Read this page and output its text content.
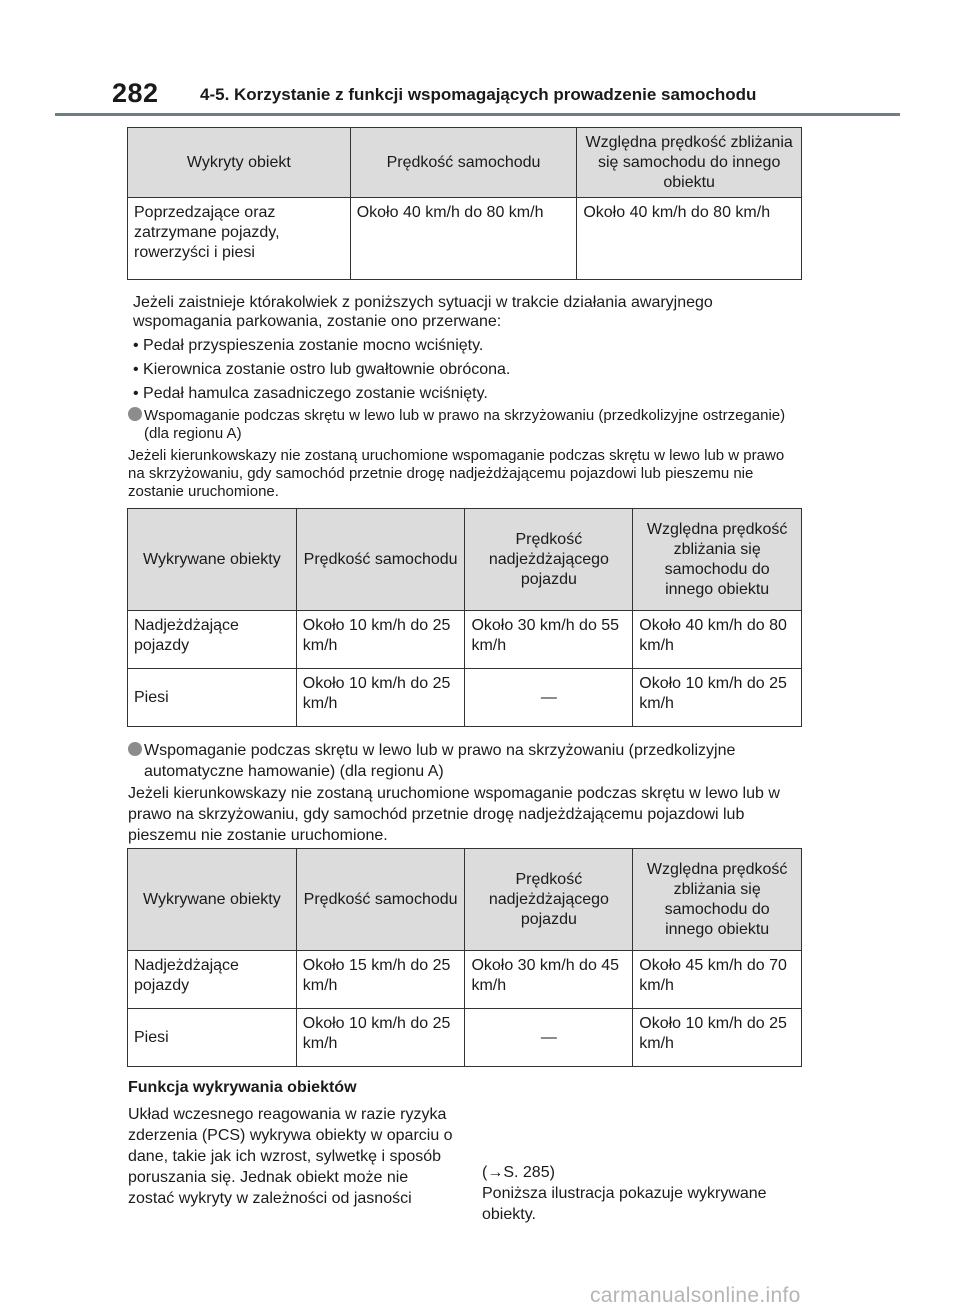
282 4-5. Korzystanie z funkcji wspomagających prowadzenie samochodu
Wykryty obiekt	Prędkość samochodu	Względna prędkość zbliżania się samochodu do innego obiektu
Poprzedzające oraz zatrzymane pojazdy, rowerzyści i piesi	Około 40 km/h do 80 km/h	Około 40 km/h do 80 km/h
Jeżeli zaistnieje którakolwiek z poniższych sytuacji w trakcie działania awaryjnego wspomagania parkowania, zostanie ono przerwane:
• Pedał przyspieszenia zostanie mocno wciśnięty.
• Kierownica zostanie ostro lub gwałtownie obrócona.
• Pedał hamulca zasadniczego zostanie wciśnięty.
Wspomaganie podczas skrętu w lewo lub w prawo na skrzyżowaniu (przedkolizyjne ostrzeganie) (dla regionu A)
Jeżeli kierunkowskazy nie zostaną uruchomione wspomaganie podczas skrętu w lewo lub w prawo na skrzyżowaniu, gdy samochód przetnie drogę nadjeżdżającemu pojazdowi lub pieszemu nie zostanie uruchomione.
Wykrywane obiekty	Prędkość samochodu	Prędkość nadjeżdżającego pojazdu	Względna prędkość zbliżania się samochodu do innego obiektu
Nadjeżdżające pojazdy	Około 10 km/h do 25 km/h	Około 30 km/h do 55 km/h	Około 40 km/h do 80 km/h
Piesi	Około 10 km/h do 25 km/h	—	Około 10 km/h do 25 km/h
Wspomaganie podczas skrętu w lewo lub w prawo na skrzyżowaniu (przedkolizyjne automatyczne hamowanie) (dla regionu A)
Jeżeli kierunkowskazy nie zostaną uruchomione wspomaganie podczas skrętu w lewo lub w prawo na skrzyżowaniu, gdy samochód przetnie drogę nadjeżdżającemu pojazdowi lub pieszemu nie zostanie uruchomione.
Wykrywane obiekty	Prędkość samochodu	Prędkość nadjeżdżającego pojazdu	Względna prędkość zbliżania się samochodu do innego obiektu
Nadjeżdżające pojazdy	Około 15 km/h do 25 km/h	Około 30 km/h do 45 km/h	Około 45 km/h do 70 km/h
Piesi	Około 10 km/h do 25 km/h	—	Około 10 km/h do 25 km/h
Funkcja wykrywania obiektów
Układ wczesnego reagowania w razie ryzyka zderzenia (PCS) wykrywa obiekty w oparciu o dane, takie jak ich wzrost, sylwetkę i sposób poruszania się. Jednak obiekt może nie zostać wykryty w zależności od jasności
(→S. 285)
Poniższa ilustracja pokazuje wykrywane obiekty.
carmanualsonline.info
